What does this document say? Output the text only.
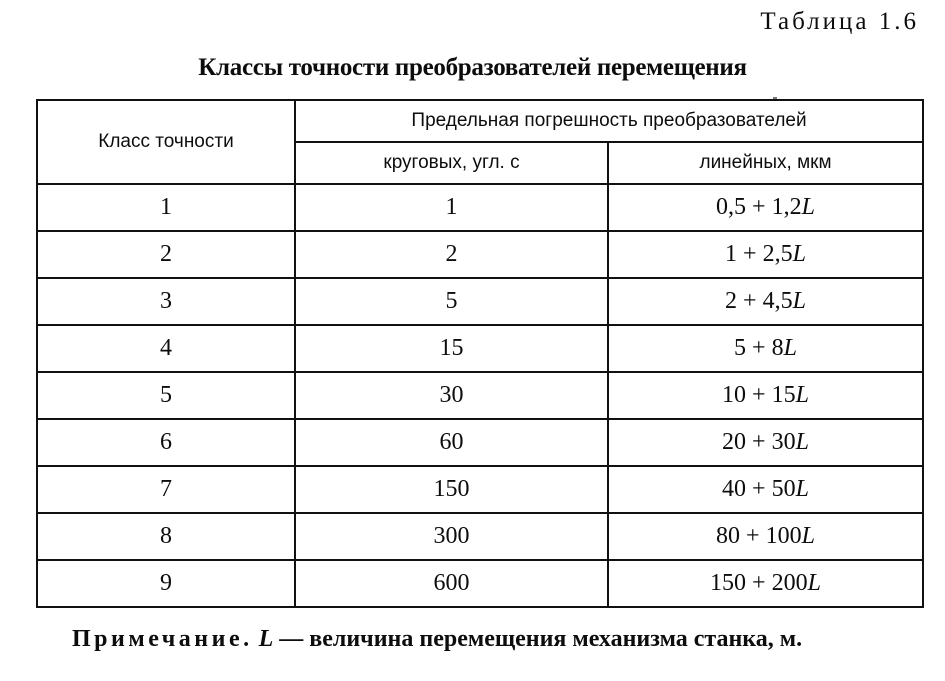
Таблица 1.6
Классы точности преобразователей перемещения
Класс точности	Предельная погрешность преобразователей	
	круговых, угл. с	линейных, мкм
1	1	0,5 + 1,2L
2	2	1 + 2,5L
3	5	2 + 4,5L
4	15	5 + 8L
5	30	10 + 15L
6	60	20 + 30L
7	150	40 + 50L
8	300	80 + 100L
9	600	150 + 200L
Примечание. L — величина перемещения механизма станка, м.
